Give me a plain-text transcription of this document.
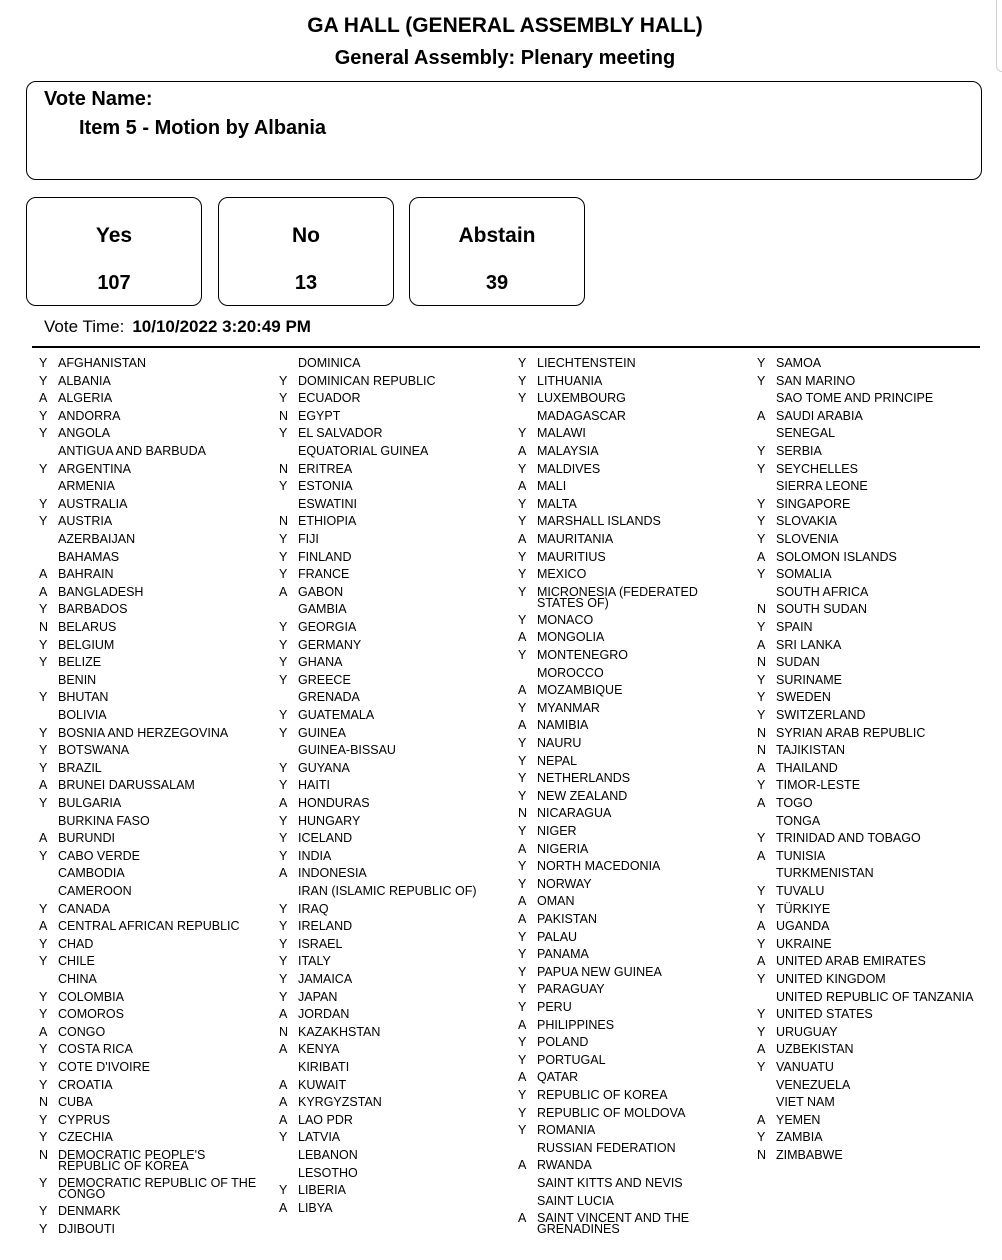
GA HALL (GENERAL ASSEMBLY HALL)
General Assembly: Plenary meeting
Vote Name:
Item 5 - Motion by Albania
Yes
107
No
13
Abstain
39
Vote Time: 10/10/2022 3:20:49 PM
Y AFGHANISTAN
Y ALBANIA
A ALGERIA
Y ANDORRA
Y ANGOLA
ANTIGUA AND BARBUDA
Y ARGENTINA
ARMENIA
Y AUSTRALIA
Y AUSTRIA
AZERBAIJAN
BAHAMAS
A BAHRAIN
A BANGLADESH
Y BARBADOS
N BELARUS
Y BELGIUM
Y BELIZE
BENIN
Y BHUTAN
BOLIVIA
Y BOSNIA AND HERZEGOVINA
Y BOTSWANA
Y BRAZIL
A BRUNEI DARUSSALAM
Y BULGARIA
BURKINA FASO
A BURUNDI
Y CABO VERDE
CAMBODIA
CAMEROON
Y CANADA
A CENTRAL AFRICAN REPUBLIC
Y CHAD
Y CHILE
CHINA
Y COLOMBIA
Y COMOROS
A CONGO
Y COSTA RICA
Y COTE D'IVOIRE
Y CROATIA
N CUBA
Y CYPRUS
Y CZECHIA
N DEMOCRATIC PEOPLE'S REPUBLIC OF KOREA
Y DEMOCRATIC REPUBLIC OF THE CONGO
Y DENMARK
Y DJIBOUTI
DOMINICA
Y DOMINICAN REPUBLIC
Y ECUADOR
N EGYPT
Y EL SALVADOR
EQUATORIAL GUINEA
N ERITREA
Y ESTONIA
ESWATINI
N ETHIOPIA
Y FIJI
Y FINLAND
Y FRANCE
A GABON
GAMBIA
Y GEORGIA
Y GERMANY
Y GHANA
Y GREECE
GRENADA
Y GUATEMALA
Y GUINEA
GUINEA-BISSAU
Y GUYANA
Y HAITI
A HONDURAS
Y HUNGARY
Y ICELAND
Y INDIA
A INDONESIA
IRAN (ISLAMIC REPUBLIC OF)
Y IRAQ
Y IRELAND
Y ISRAEL
Y ITALY
Y JAMAICA
Y JAPAN
A JORDAN
N KAZAKHSTAN
A KENYA
KIRIBATI
A KUWAIT
A KYRGYZSTAN
A LAO PDR
Y LATVIA
LEBANON
LESOTHO
Y LIBERIA
A LIBYA
Y LIECHTENSTEIN
Y LITHUANIA
Y LUXEMBOURG
MADAGASCAR
Y MALAWI
A MALAYSIA
Y MALDIVES
A MALI
Y MALTA
Y MARSHALL ISLANDS
A MAURITANIA
Y MAURITIUS
Y MEXICO
Y MICRONESIA (FEDERATED STATES OF)
Y MONACO
A MONGOLIA
Y MONTENEGRO
MOROCCO
A MOZAMBIQUE
Y MYANMAR
A NAMIBIA
Y NAURU
Y NEPAL
Y NETHERLANDS
Y NEW ZEALAND
N NICARAGUA
Y NIGER
A NIGERIA
Y NORTH MACEDONIA
Y NORWAY
A OMAN
A PAKISTAN
Y PALAU
Y PANAMA
Y PAPUA NEW GUINEA
Y PARAGUAY
Y PERU
A PHILIPPINES
Y POLAND
Y PORTUGAL
A QATAR
Y REPUBLIC OF KOREA
Y REPUBLIC OF MOLDOVA
Y ROMANIA
RUSSIAN FEDERATION
A RWANDA
SAINT KITTS AND NEVIS
SAINT LUCIA
A SAINT VINCENT AND THE GRENADINES
Y SAMOA
Y SAN MARINO
SAO TOME AND PRINCIPE
A SAUDI ARABIA
SENEGAL
Y SERBIA
Y SEYCHELLES
SIERRA LEONE
Y SINGAPORE
Y SLOVAKIA
Y SLOVENIA
A SOLOMON ISLANDS
Y SOMALIA
SOUTH AFRICA
N SOUTH SUDAN
Y SPAIN
A SRI LANKA
N SUDAN
Y SURINAME
Y SWEDEN
Y SWITZERLAND
N SYRIAN ARAB REPUBLIC
N TAJIKISTAN
A THAILAND
Y TIMOR-LESTE
A TOGO
TONGA
Y TRINIDAD AND TOBAGO
A TUNISIA
TURKMENISTAN
Y TUVALU
Y TÜRKIYE
A UGANDA
Y UKRAINE
A UNITED ARAB EMIRATES
Y UNITED KINGDOM
UNITED REPUBLIC OF TANZANIA
Y UNITED STATES
Y URUGUAY
A UZBEKISTAN
Y VANUATU
VENEZUELA
VIET NAM
A YEMEN
Y ZAMBIA
N ZIMBABWE
